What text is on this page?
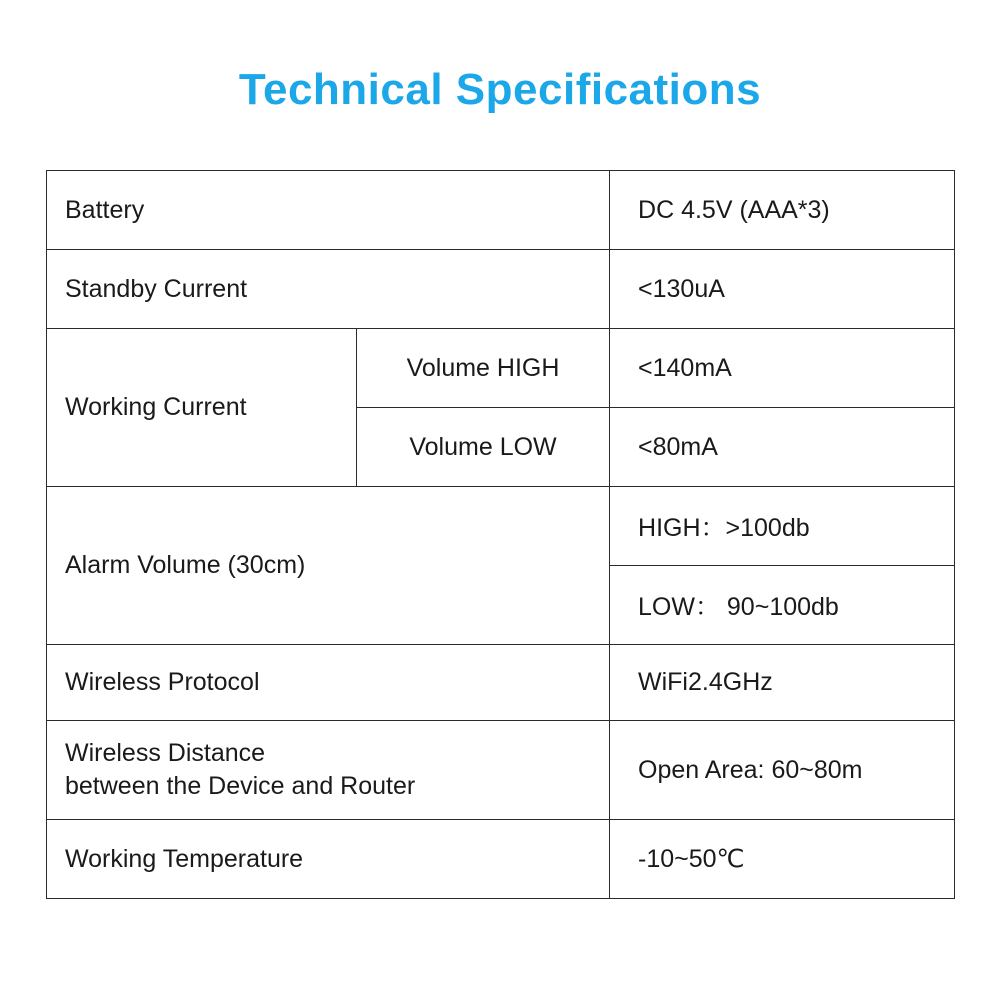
Technical Specifications
Battery		DC 4.5V (AAA*3)
Standby Current		<130uA
Working Current	Volume HIGH	<140mA
	Volume LOW	<80mA
Alarm Volume (30cm)		HIGH：>100db
		LOW： 90~100db
Wireless Protocol		WiFi2.4GHz

Wireless Distance
between the Device and Router		Open Area: 60~80m
Working Temperature		-10~50℃
